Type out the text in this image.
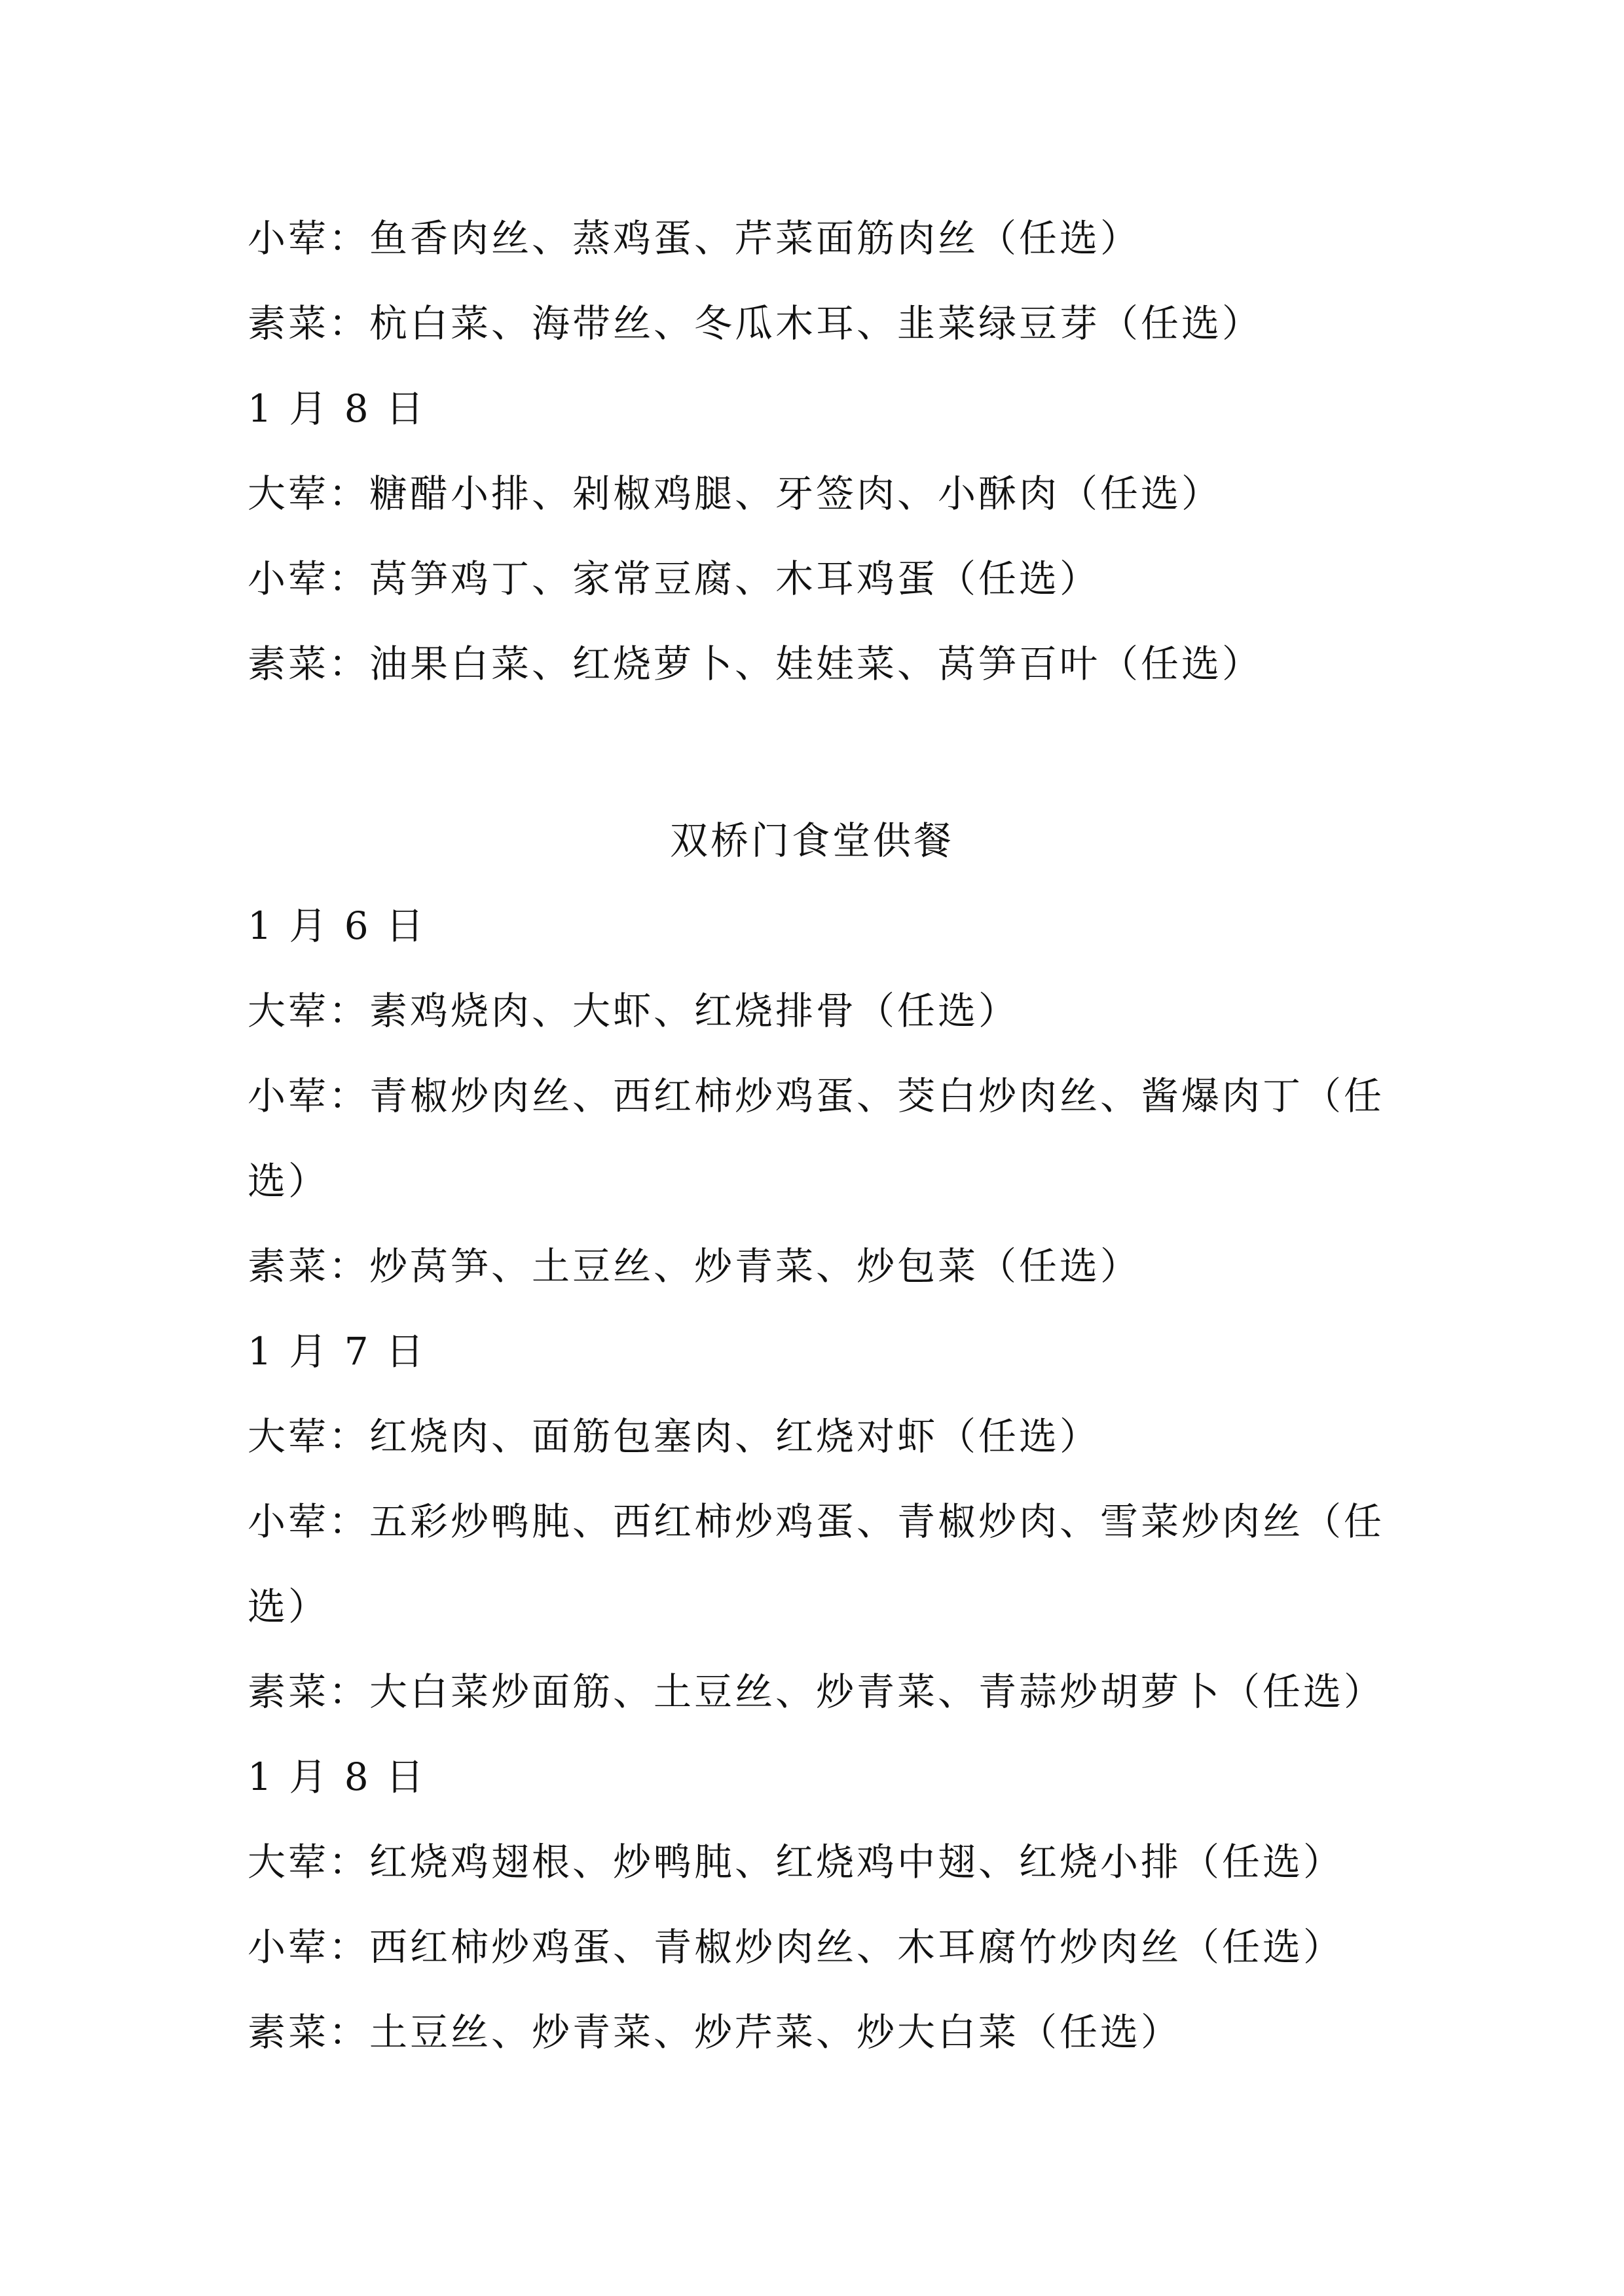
小荤：鱼香肉丝、蒸鸡蛋、芹菜面筋肉丝（任选）
素菜：杭白菜、海带丝、冬瓜木耳、韭菜绿豆芽（任选）
1 月 8 日
大荤：糖醋小排、剁椒鸡腿、牙签肉、小酥肉（任选）
小荤：莴笋鸡丁、家常豆腐、木耳鸡蛋（任选）
素菜：油果白菜、红烧萝卜、娃娃菜、莴笋百叶（任选）
双桥门食堂供餐
1 月 6 日
大荤：素鸡烧肉、大虾、红烧排骨（任选）
小荤：青椒炒肉丝、西红柿炒鸡蛋、茭白炒肉丝、酱爆肉丁（任
选）
素菜：炒莴笋、土豆丝、炒青菜、炒包菜（任选）
1 月 7 日
大荤：红烧肉、面筋包塞肉、红烧对虾（任选）
小荤：五彩炒鸭肫、西红柿炒鸡蛋、青椒炒肉、雪菜炒肉丝（任
选）
素菜：大白菜炒面筋、土豆丝、炒青菜、青蒜炒胡萝卜（任选）
1 月 8 日
大荤：红烧鸡翅根、炒鸭肫、红烧鸡中翅、红烧小排（任选）
小荤：西红柿炒鸡蛋、青椒炒肉丝、木耳腐竹炒肉丝（任选）
素菜：土豆丝、炒青菜、炒芹菜、炒大白菜（任选）
